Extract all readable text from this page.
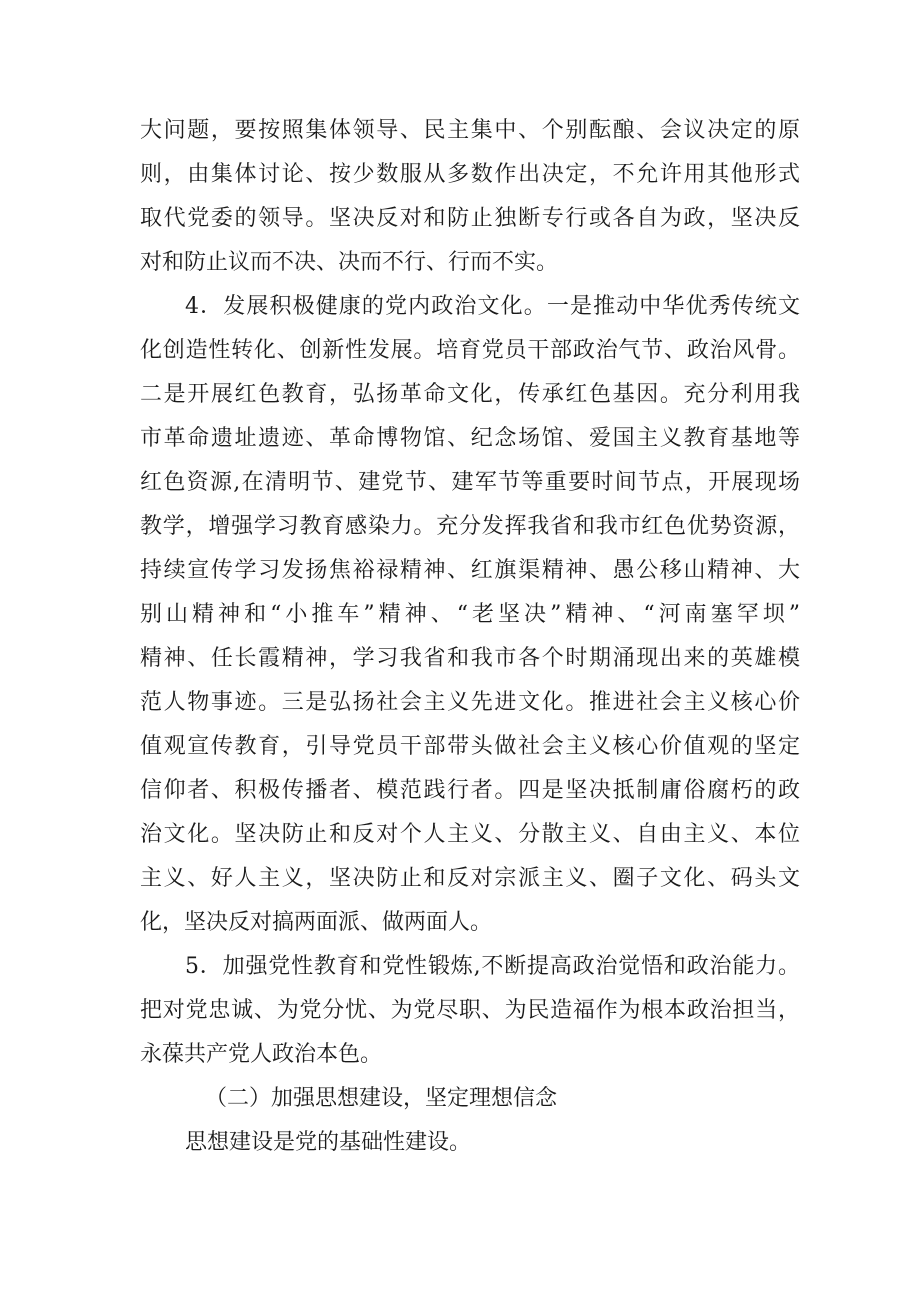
大问题，要按照集体领导、民主集中、个别酝酿、会议决定的原
则，由集体讨论、按少数服从多数作出决定，不允许用其他形式
取代党委的领导。坚决反对和防止独断专行或各自为政，坚决反
对和防止议而不决、决而不行、行而不实。
4．发展积极健康的党内政治文化。一是推动中华优秀传统文
化创造性转化、创新性发展。培育党员干部政治气节、政治风骨。
二是开展红色教育，弘扬革命文化，传承红色基因。充分利用我
市革命遗址遗迹、革命博物馆、纪念场馆、爱国主义教育基地等
红色资源,在清明节、建党节、建军节等重要时间节点，开展现场
教学，增强学习教育感染力。充分发挥我省和我市红色优势资源，
持续宣传学习发扬焦裕禄精神、红旗渠精神、愚公移山精神、大
别山精神和“小推车”精神、“老坚决”精神、“河南塞罕坝”
精神、任长霞精神，学习我省和我市各个时期涌现出来的英雄模
范人物事迹。三是弘扬社会主义先进文化。推进社会主义核心价
值观宣传教育，引导党员干部带头做社会主义核心价值观的坚定
信仰者、积极传播者、模范践行者。四是坚决抵制庸俗腐朽的政
治文化。坚决防止和反对个人主义、分散主义、自由主义、本位
主义、好人主义，坚决防止和反对宗派主义、圈子文化、码头文
化，坚决反对搞两面派、做两面人。
5．加强党性教育和党性锻炼,不断提高政治觉悟和政治能力。
把对党忠诚、为党分忧、为党尽职、为民造福作为根本政治担当，
永葆共产党人政治本色。
（二）加强思想建设，坚定理想信念
思想建设是党的基础性建设。
